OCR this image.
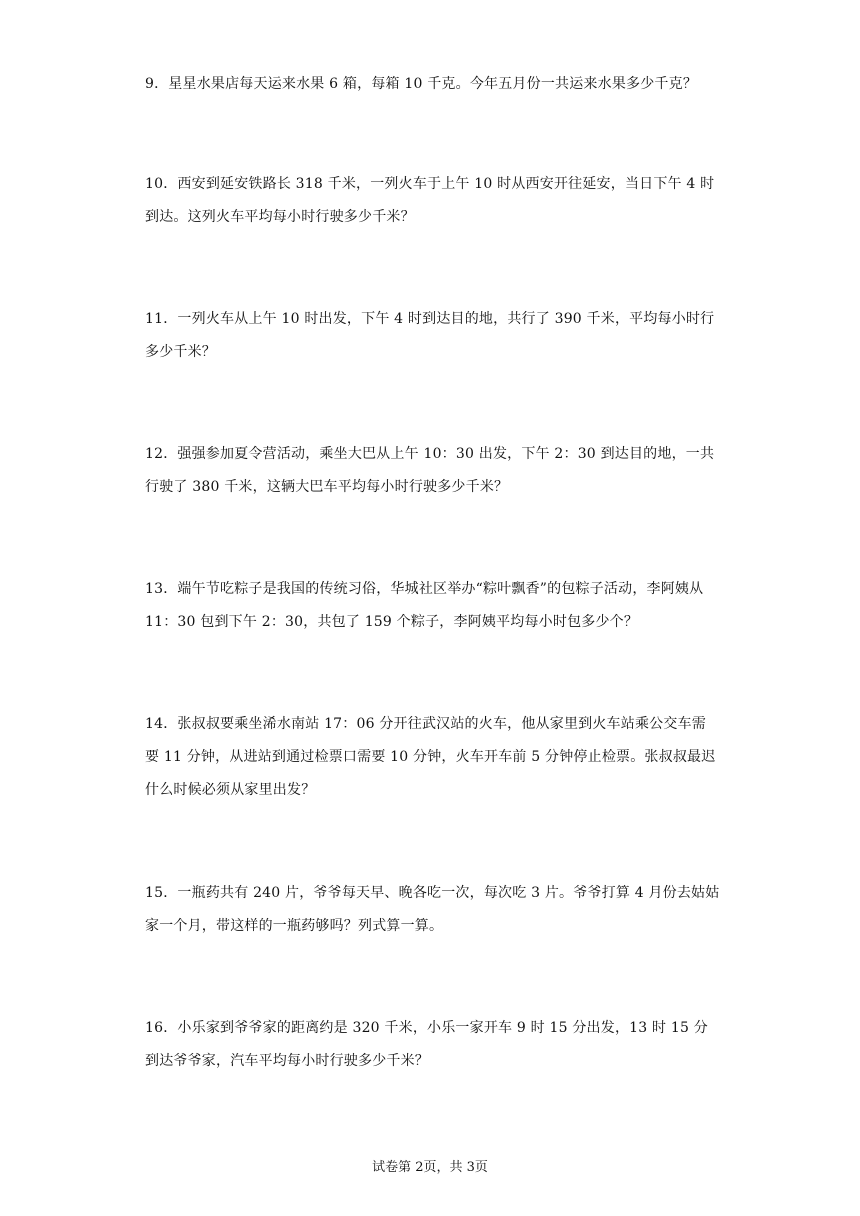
9．星星水果店每天运来水果 6 箱，每箱 10 千克。今年五月份一共运来水果多少千克？

10．西安到延安铁路长 318 千米，一列火车于上午 10 时从西安开往延安，当日下午 4 时到达。这列火车平均每小时行驶多少千米？

11．一列火车从上午 10 时出发，下午 4 时到达目的地，共行了 390 千米，平均每小时行多少千米？

12．强强参加夏令营活动，乘坐大巴从上午 10：30 出发，下午 2：30 到达目的地，一共行驶了 380 千米，这辆大巴车平均每小时行驶多少千米？

13．端午节吃粽子是我国的传统习俗，华城社区举办“粽叶飘香”的包粽子活动，李阿姨从 11：30 包到下午 2：30，共包了 159 个粽子，李阿姨平均每小时包多少个？

14．张叔叔要乘坐浠水南站 17：06 分开往武汉站的火车，他从家里到火车站乘公交车需要 11 分钟，从进站到通过检票口需要 10 分钟，火车开车前 5 分钟停止检票。张叔叔最迟什么时候必须从家里出发？

15．一瓶药共有 240 片，爷爷每天早、晚各吃一次，每次吃 3 片。爷爷打算 4 月份去姑姑家一个月，带这样的一瓶药够吗？列式算一算。

16．小乐家到爷爷家的距离约是 320 千米，小乐一家开车 9 时 15 分出发，13 时 15 分到达爷爷家，汽车平均每小时行驶多少千米？

试卷第 2页，共 3页
